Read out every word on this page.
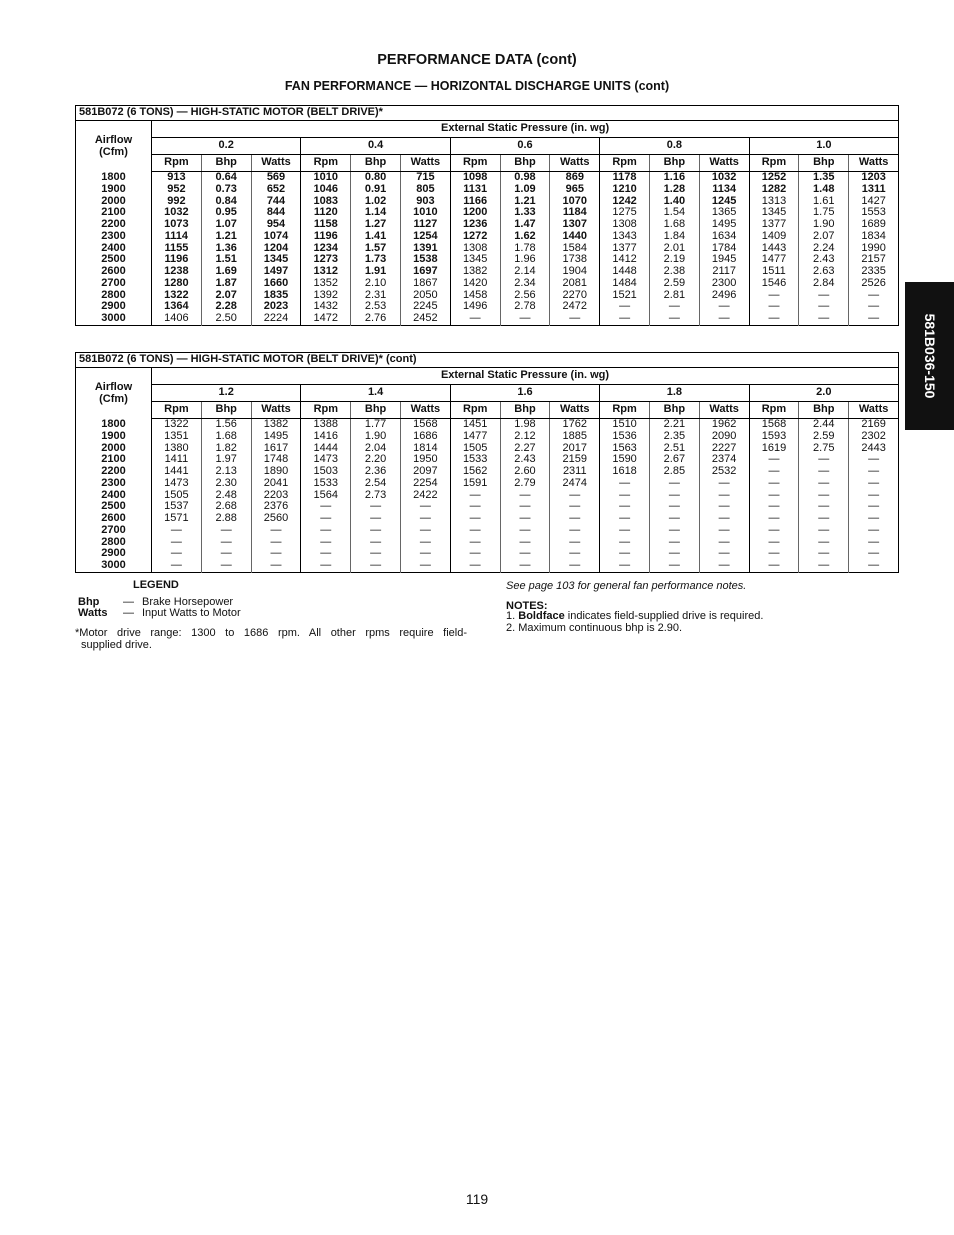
PERFORMANCE DATA (cont)
FAN PERFORMANCE — HORIZONTAL DISCHARGE UNITS (cont)
581B072 (6 TONS) — HIGH-STATIC MOTOR (BELT DRIVE)*															

Airflow
(Cfm)	External Static Pressure (in. wg)														
	0.2			0.4			0.6			0.8			1.0		
	Rpm	Bhp	Watts	Rpm	Bhp	Watts	Rpm	Bhp	Watts	Rpm	Bhp	Watts	Rpm	Bhp	Watts
1800	913	0.64	569	1010	0.80	715	1098	0.98	869	1178	1.16	1032	1252	1.35	1203
1900	952	0.73	652	1046	0.91	805	1131	1.09	965	1210	1.28	1134	1282	1.48	1311
2000	992	0.84	744	1083	1.02	903	1166	1.21	1070	1242	1.40	1245	1313	1.61	1427
2100	1032	0.95	844	1120	1.14	1010	1200	1.33	1184	1275	1.54	1365	1345	1.75	1553
2200	1073	1.07	954	1158	1.27	1127	1236	1.47	1307	1308	1.68	1495	1377	1.90	1689
2300	1114	1.21	1074	1196	1.41	1254	1272	1.62	1440	1343	1.84	1634	1409	2.07	1834
2400	1155	1.36	1204	1234	1.57	1391	1308	1.78	1584	1377	2.01	1784	1443	2.24	1990
2500	1196	1.51	1345	1273	1.73	1538	1345	1.96	1738	1412	2.19	1945	1477	2.43	2157
2600	1238	1.69	1497	1312	1.91	1697	1382	2.14	1904	1448	2.38	2117	1511	2.63	2335
2700	1280	1.87	1660	1352	2.10	1867	1420	2.34	2081	1484	2.59	2300	1546	2.84	2526
2800	1322	2.07	1835	1392	2.31	2050	1458	2.56	2270	1521	2.81	2496	—	—	—
2900	1364	2.28	2023	1432	2.53	2245	1496	2.78	2472	—	—	—	—	—	—
3000	1406	2.50	2224	1472	2.76	2452	—	—	—	—	—	—	—	—	—
581B072 (6 TONS) — HIGH-STATIC MOTOR (BELT DRIVE)* (cont)															

Airflow
(Cfm)	External Static Pressure (in. wg)														
	1.2			1.4			1.6			1.8			2.0		
	Rpm	Bhp	Watts	Rpm	Bhp	Watts	Rpm	Bhp	Watts	Rpm	Bhp	Watts	Rpm	Bhp	Watts
1800	1322	1.56	1382	1388	1.77	1568	1451	1.98	1762	1510	2.21	1962	1568	2.44	2169
1900	1351	1.68	1495	1416	1.90	1686	1477	2.12	1885	1536	2.35	2090	1593	2.59	2302
2000	1380	1.82	1617	1444	2.04	1814	1505	2.27	2017	1563	2.51	2227	1619	2.75	2443
2100	1411	1.97	1748	1473	2.20	1950	1533	2.43	2159	1590	2.67	2374	—	—	—
2200	1441	2.13	1890	1503	2.36	2097	1562	2.60	2311	1618	2.85	2532	—	—	—
2300	1473	2.30	2041	1533	2.54	2254	1591	2.79	2474	—	—	—	—	—	—
2400	1505	2.48	2203	1564	2.73	2422	—	—	—	—	—	—	—	—	—
2500	1537	2.68	2376	—	—	—	—	—	—	—	—	—	—	—	—
2600	1571	2.88	2560	—	—	—	—	—	—	—	—	—	—	—	—
2700	—	—	—	—	—	—	—	—	—	—	—	—	—	—	—
2800	—	—	—	—	—	—	—	—	—	—	—	—	—	—	—
2900	—	—	—	—	—	—	—	—	—	—	—	—	—	—	—
3000	—	—	—	—	—	—	—	—	—	—	—	—	—	—	—
581B036-150
LEGEND
Bhp — Brake Horsepower
Watts — Input Watts to Motor
*Motor drive range: 1300 to 1686 rpm. All other rpms require field-
supplied drive.
See page 103 for general fan performance notes.
NOTES:
1. Boldface indicates field-supplied drive is required.
2. Maximum continuous bhp is 2.90.
119
